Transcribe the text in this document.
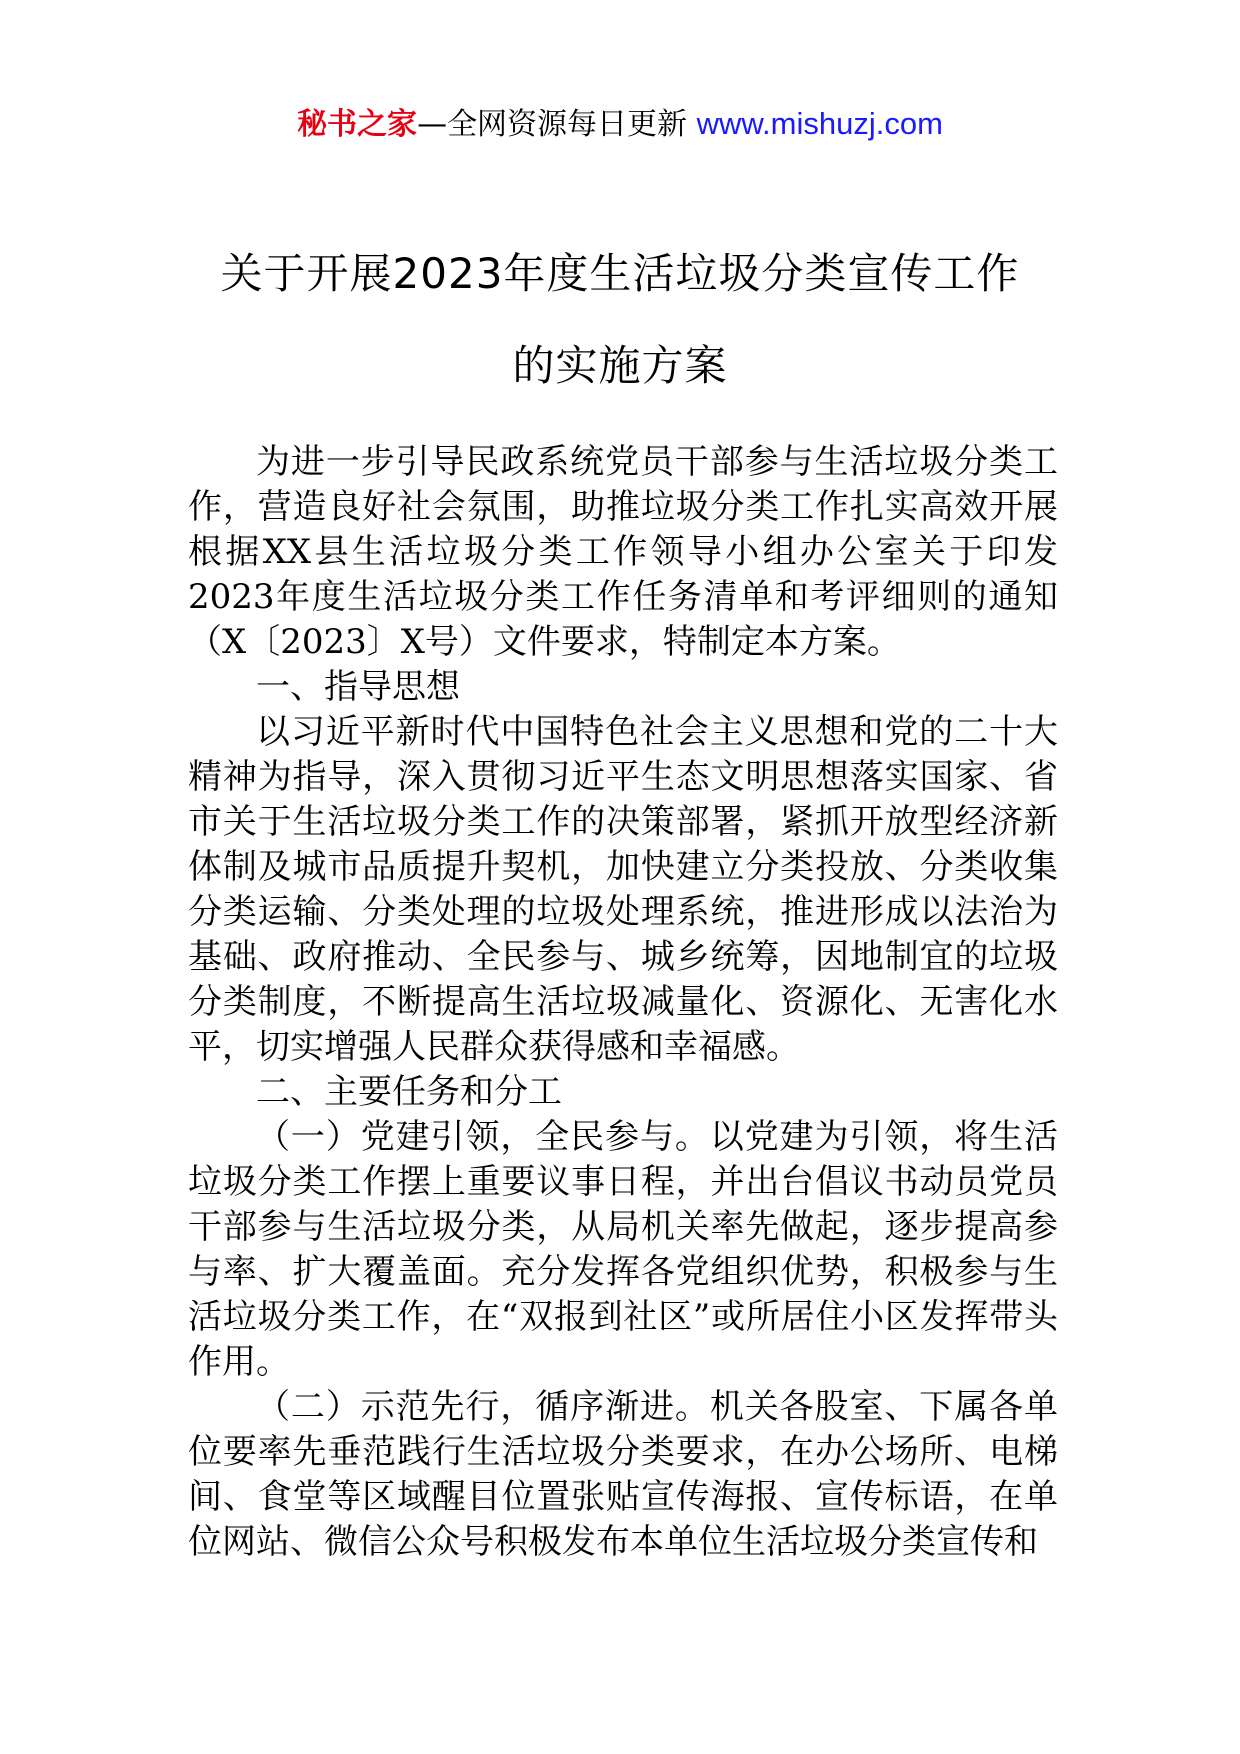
秘书之家—全网资源每日更新 www.mishuzj.com
关于开展2023年度生活垃圾分类宣传工作
的实施方案

为进一步引导民政系统党员干部参与生活垃圾分类工作，营造良好社会氛围，助推垃圾分类工作扎实高效开展根据XX县生活垃圾分类工作领导小组办公室关于印发2023年度生活垃圾分类工作任务清单和考评细则的通知（X〔2023〕X号）文件要求，特制定本方案。

一、指导思想

以习近平新时代中国特色社会主义思想和党的二十大精神为指导，深入贯彻习近平生态文明思想落实国家、省市关于生活垃圾分类工作的决策部署，紧抓开放型经济新体制及城市品质提升契机，加快建立分类投放、分类收集分类运输、分类处理的垃圾处理系统，推进形成以法治为基础、政府推动、全民参与、城乡统筹，因地制宜的垃圾分类制度，不断提高生活垃圾减量化、资源化、无害化水平，切实增强人民群众获得感和幸福感。

二、主要任务和分工

（一）党建引领，全民参与。以党建为引领，将生活垃圾分类工作摆上重要议事日程，并出台倡议书动员党员干部参与生活垃圾分类，从局机关率先做起，逐步提高参与率、扩大覆盖面。充分发挥各党组织优势，积极参与生活垃圾分类工作，在“双报到社区”或所居住小区发挥带头作用。

（二）示范先行，循序渐进。机关各股室、下属各单位要率先垂范践行生活垃圾分类要求，在办公场所、电梯间、食堂等区域醒目位置张贴宣传海报、宣传标语，在单位网站、微信公众号积极发布本单位生活垃圾分类宣传和
